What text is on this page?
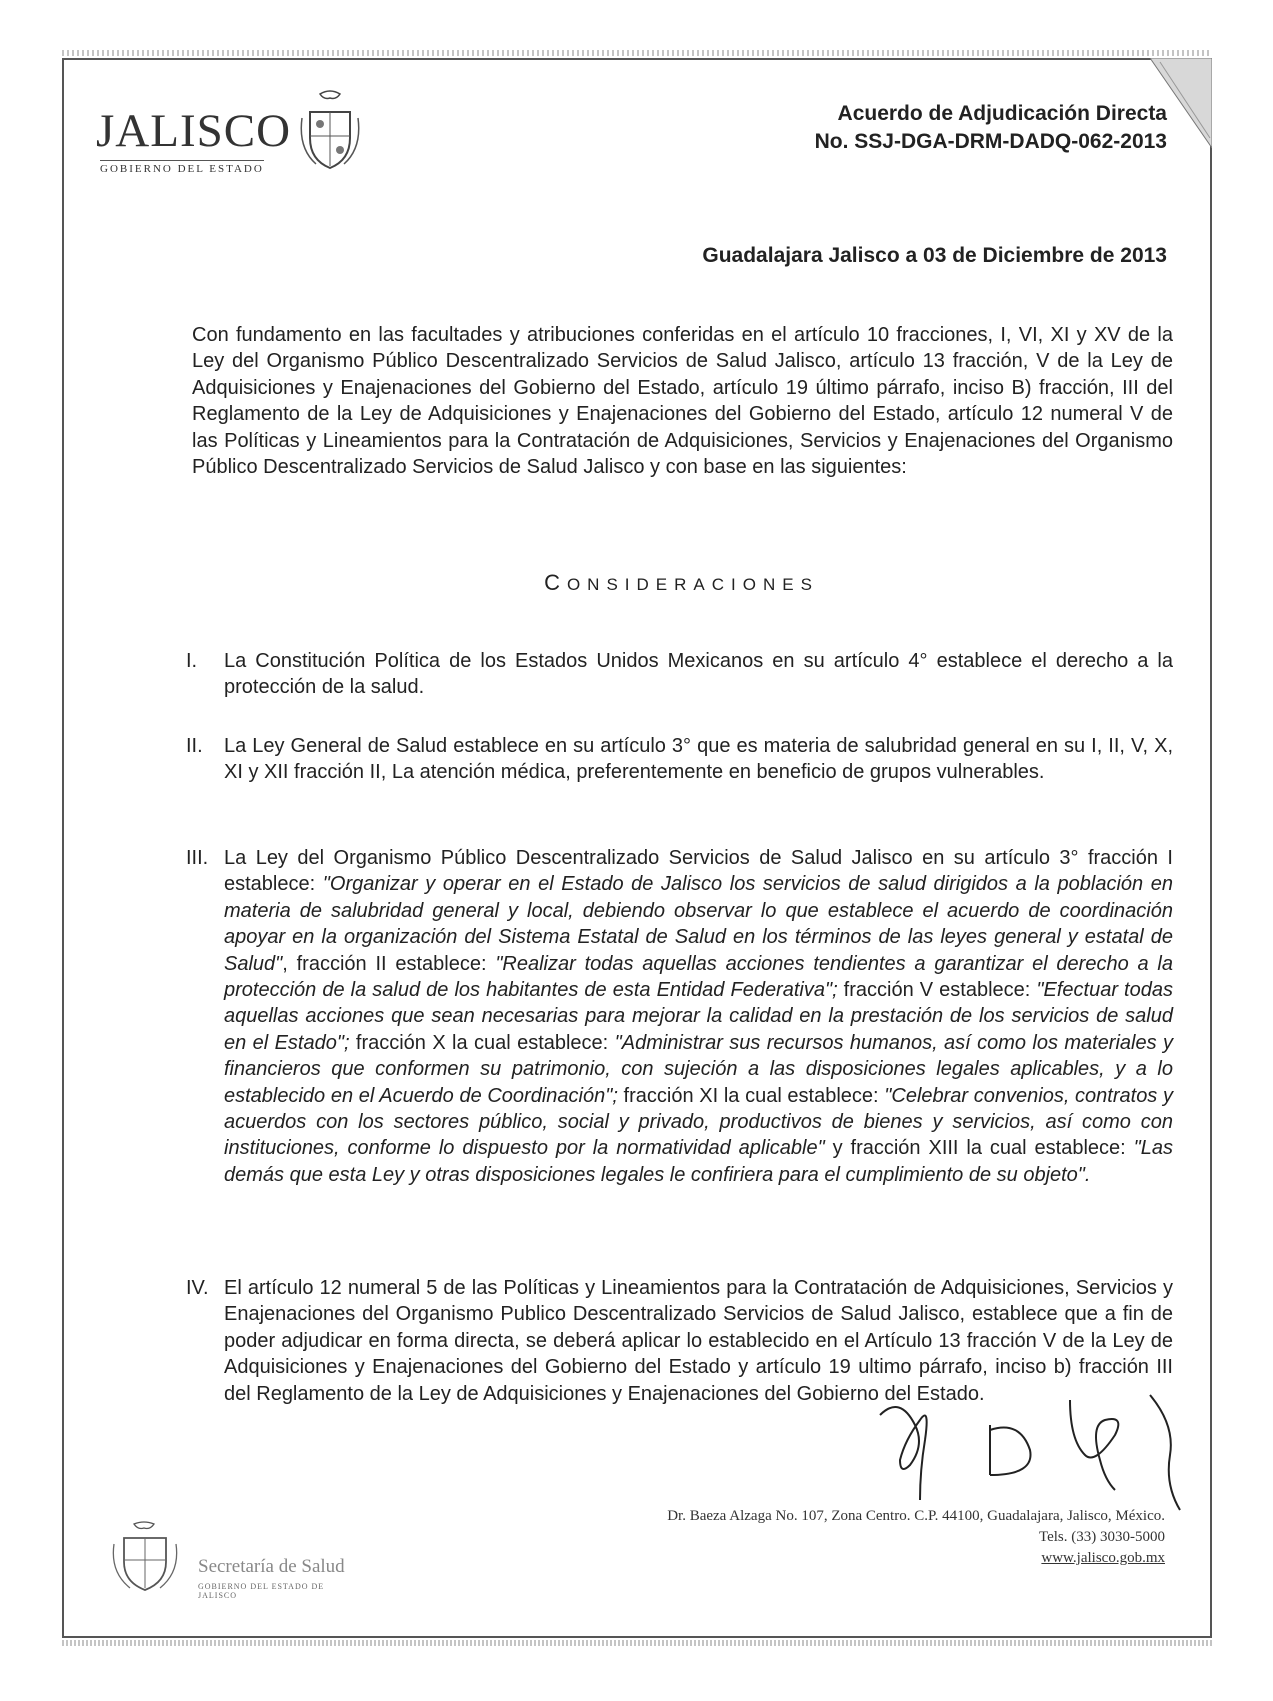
JALISCO
GOBIERNO DEL ESTADO
Acuerdo de Adjudicación Directa
No. SSJ-DGA-DRM-DADQ-062-2013
Guadalajara Jalisco a 03 de Diciembre de 2013
Con fundamento en las facultades y atribuciones conferidas en el artículo 10 fracciones, I, VI, XI y XV de la Ley del Organismo Público Descentralizado Servicios de Salud Jalisco, artículo 13 fracción, V de la Ley de Adquisiciones y Enajenaciones del Gobierno del Estado, artículo 19 último párrafo, inciso B) fracción, III del Reglamento de la Ley de Adquisiciones y Enajenaciones del Gobierno del Estado, artículo 12 numeral V de las Políticas y Lineamientos para la Contratación de Adquisiciones, Servicios y Enajenaciones del Organismo Público Descentralizado Servicios de Salud Jalisco y con base en las siguientes:
CONSIDERACIONES
I.	La Constitución Política de los Estados Unidos Mexicanos en su artículo 4° establece el derecho a la protección de la salud.
II.	La Ley General de Salud establece en su artículo 3° que es materia de salubridad general en su I, II, V, X, XI y XII fracción II, La atención médica, preferentemente en beneficio de grupos vulnerables.
III. La Ley del Organismo Público Descentralizado Servicios de Salud Jalisco en su artículo 3° fracción I establece: "Organizar y operar en el Estado de Jalisco los servicios de salud dirigidos a la población en materia de salubridad general y local, debiendo observar lo que establece el acuerdo de coordinación apoyar en la organización del Sistema Estatal de Salud en los términos de las leyes general y estatal de Salud", fracción II establece: "Realizar todas aquellas acciones tendientes a garantizar el derecho a la protección de la salud de los habitantes de esta Entidad Federativa"; fracción V establece: "Efectuar todas aquellas acciones que sean necesarias para mejorar la calidad en la prestación de los servicios de salud en el Estado"; fracción X la cual establece: "Administrar sus recursos humanos, así como los materiales y financieros que conformen su patrimonio, con sujeción a las disposiciones legales aplicables, y a lo establecido en el Acuerdo de Coordinación"; fracción XI la cual establece: "Celebrar convenios, contratos y acuerdos con los sectores público, social y privado, productivos de bienes y servicios, así como con instituciones, conforme lo dispuesto por la normatividad aplicable" y fracción XIII la cual establece: "Las demás que esta Ley y otras disposiciones legales le confiriera para el cumplimiento de su objeto".
IV. El artículo 12 numeral 5 de las Políticas y Lineamientos para la Contratación de Adquisiciones, Servicios y Enajenaciones del Organismo Publico Descentralizado Servicios de Salud Jalisco, establece que a fin de poder adjudicar en forma directa, se deberá aplicar lo establecido en el Artículo 13 fracción V de la Ley de Adquisiciones y Enajenaciones del Gobierno del Estado y artículo 19 ultimo párrafo, inciso b) fracción III del Reglamento de la Ley de Adquisiciones y Enajenaciones del Gobierno del Estado.
Dr. Baeza Alzaga No. 107, Zona Centro. C.P. 44100, Guadalajara, Jalisco, México.
Tels. (33) 3030-5000
www.jalisco.gob.mx
Secretaría de Salud
GOBIERNO DEL ESTADO DE JALISCO
